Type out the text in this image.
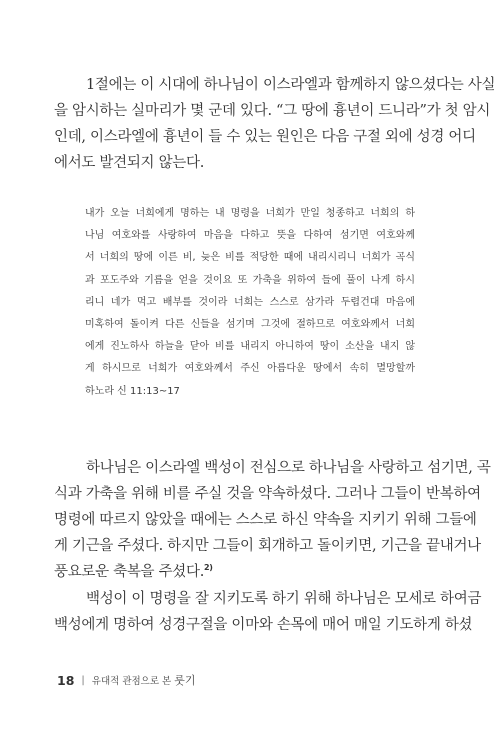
1절에는 이 시대에 하나님이 이스라엘과 함께하지 않으셨다는 사실
을 암시하는 실마리가 몇 군데 있다. “그 땅에 흉년이 드니라”가 첫 암시
인데, 이스라엘에 흉년이 들 수 있는 원인은 다음 구절 외에 성경 어디
에서도 발견되지 않는다.
내가 오늘 너희에게 명하는 내 명령을 너희가 만일 청종하고 너희의 하
나님 여호와를 사랑하여 마음을 다하고 뜻을 다하여 섬기면 여호와께
서 너희의 땅에 이른 비, 늦은 비를 적당한 때에 내리시리니 너희가 곡식
과 포도주와 기름을 얻을 것이요 또 가축을 위하여 들에 풀이 나게 하시
리니 네가 먹고 배부를 것이라 너희는 스스로 삼가라 두렵건대 마음에
미혹하여 돌이켜 다른 신들을 섬기며 그것에 절하므로 여호와께서 너희
에게 진노하사 하늘을 닫아 비를 내리지 아니하여 땅이 소산을 내지 않
게 하시므로 너희가 여호와께서 주신 아름다운 땅에서 속히 멸망할까
하노라 신 11:13~17
하나님은 이스라엘 백성이 전심으로 하나님을 사랑하고 섬기면, 곡
식과 가축을 위해 비를 주실 것을 약속하셨다. 그러나 그들이 반복하여
명령에 따르지 않았을 때에는 스스로 하신 약속을 지키기 위해 그들에
게 기근을 주셨다. 하지만 그들이 회개하고 돌이키면, 기근을 끝내거나
풍요로운 축복을 주셨다.$^{2)}$
백성이 이 명령을 잘 지키도록 하기 위해 하나님은 모세로 하여금
백성에게 명하여 성경구절을 이마와 손목에 매어 매일 기도하게 하셨
18 | 유대적 관점으로 본 룻기
